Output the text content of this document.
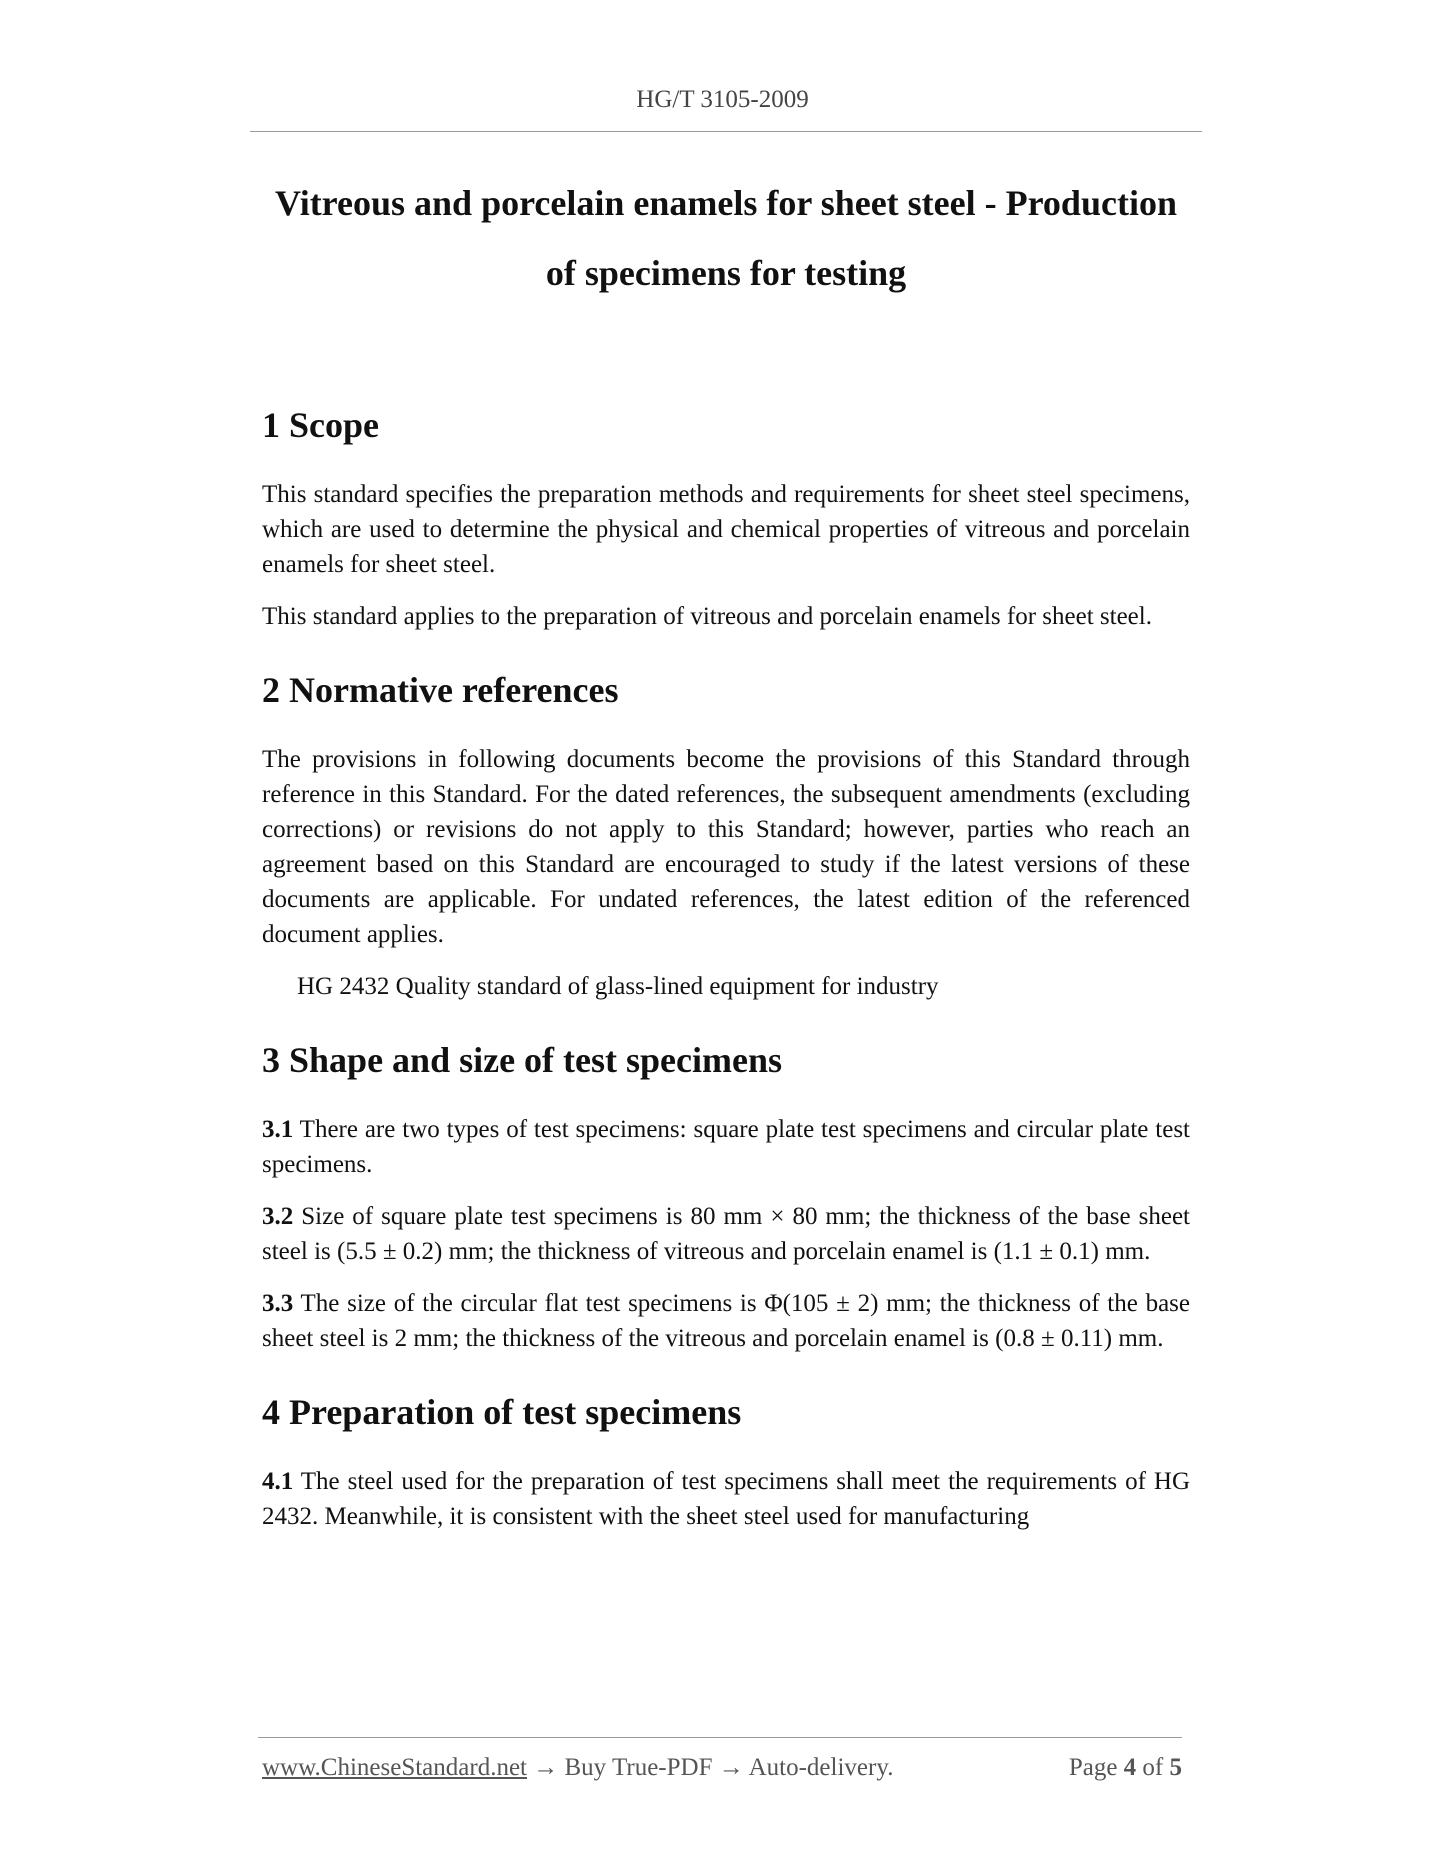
HG/T 3105-2009
Vitreous and porcelain enamels for sheet steel - Production
of specimens for testing
1 Scope

This standard specifies the preparation methods and requirements for sheet steel specimens, which are used to determine the physical and chemical properties of vitreous and porcelain enamels for sheet steel.

This standard applies to the preparation of vitreous and porcelain enamels for sheet steel.

2 Normative references

The provisions in following documents become the provisions of this Standard through reference in this Standard. For the dated references, the subsequent amendments (excluding corrections) or revisions do not apply to this Standard; however, parties who reach an agreement based on this Standard are encouraged to study if the latest versions of these documents are applicable. For undated references, the latest edition of the referenced document applies.

HG 2432 Quality standard of glass-lined equipment for industry

3 Shape and size of test specimens

3.1 There are two types of test specimens: square plate test specimens and circular plate test specimens.

3.2 Size of square plate test specimens is 80 mm × 80 mm; the thickness of the base sheet steel is (5.5 ± 0.2) mm; the thickness of vitreous and porcelain enamel is (1.1 ± 0.1) mm.

3.3 The size of the circular flat test specimens is Φ(105 ± 2) mm; the thickness of the base sheet steel is 2 mm; the thickness of the vitreous and porcelain enamel is (0.8 ± 0.11) mm.

4 Preparation of test specimens

4.1 The steel used for the preparation of test specimens shall meet the requirements of HG 2432. Meanwhile, it is consistent with the sheet steel used for manufacturing

www.ChineseStandard.net → Buy True-PDF → Auto-delivery.	Page 4 of 5
